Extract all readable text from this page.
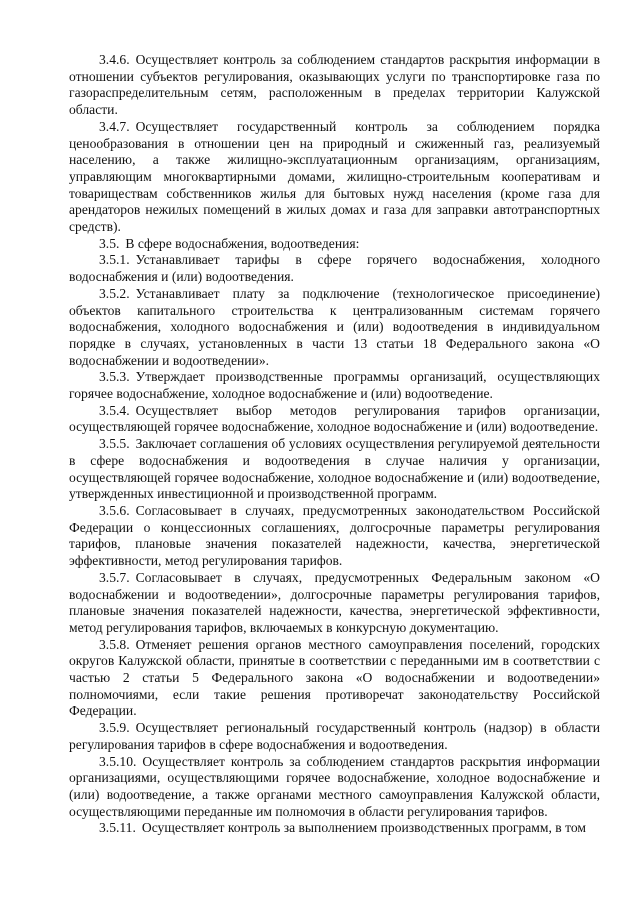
3.4.6. Осуществляет контроль за соблюдением стандартов раскрытия информации в отношении субъектов регулирования, оказывающих услуги по транспортировке газа по газораспределительным сетям, расположенным в пределах территории Калужской области.

3.4.7. Осуществляет государственный контроль за соблюдением порядка ценообразования в отношении цен на природный и сжиженный газ, реализуемый населению, а также жилищно-эксплуатационным организациям, организациям, управляющим многоквартирными домами, жилищно-строительным кооперативам и товариществам собственников жилья для бытовых нужд населения (кроме газа для арендаторов нежилых помещений в жилых домах и газа для заправки автотранспортных средств).

3.5. В сфере водоснабжения, водоотведения:

3.5.1. Устанавливает тарифы в сфере горячего водоснабжения, холодного водоснабжения и (или) водоотведения.

3.5.2. Устанавливает плату за подключение (технологическое присоединение) объектов капитального строительства к централизованным системам горячего водоснабжения, холодного водоснабжения и (или) водоотведения в индивидуальном порядке в случаях, установленных в части 13 статьи 18 Федерального закона «О водоснабжении и водоотведении».

3.5.3. Утверждает производственные программы организаций, осуществляющих горячее водоснабжение, холодное водоснабжение и (или) водоотведение.

3.5.4. Осуществляет выбор методов регулирования тарифов организации, осуществляющей горячее водоснабжение, холодное водоснабжение и (или) водоотведение.

3.5.5. Заключает соглашения об условиях осуществления регулируемой деятельности в сфере водоснабжения и водоотведения в случае наличия у организации, осуществляющей горячее водоснабжение, холодное водоснабжение и (или) водоотведение, утвержденных инвестиционной и производственной программ.

3.5.6. Согласовывает в случаях, предусмотренных законодательством Российской Федерации о концессионных соглашениях, долгосрочные параметры регулирования тарифов, плановые значения показателей надежности, качества, энергетической эффективности, метод регулирования тарифов.

3.5.7. Согласовывает в случаях, предусмотренных Федеральным законом «О водоснабжении и водоотведении», долгосрочные параметры регулирования тарифов, плановые значения показателей надежности, качества, энергетической эффективности, метод регулирования тарифов, включаемых в конкурсную документацию.

3.5.8. Отменяет решения органов местного самоуправления поселений, городских округов Калужской области, принятые в соответствии с переданными им в соответствии с частью 2 статьи 5 Федерального закона «О водоснабжении и водоотведении» полномочиями, если такие решения противоречат законодательству Российской Федерации.

3.5.9. Осуществляет региональный государственный контроль (надзор) в области регулирования тарифов в сфере водоснабжения и водоотведения.

3.5.10. Осуществляет контроль за соблюдением стандартов раскрытия информации организациями, осуществляющими горячее водоснабжение, холодное водоснабжение и (или) водоотведение, а также органами местного самоуправления Калужской области, осуществляющими переданные им полномочия в области регулирования тарифов.

3.5.11. Осуществляет контроль за выполнением производственных программ, в том
